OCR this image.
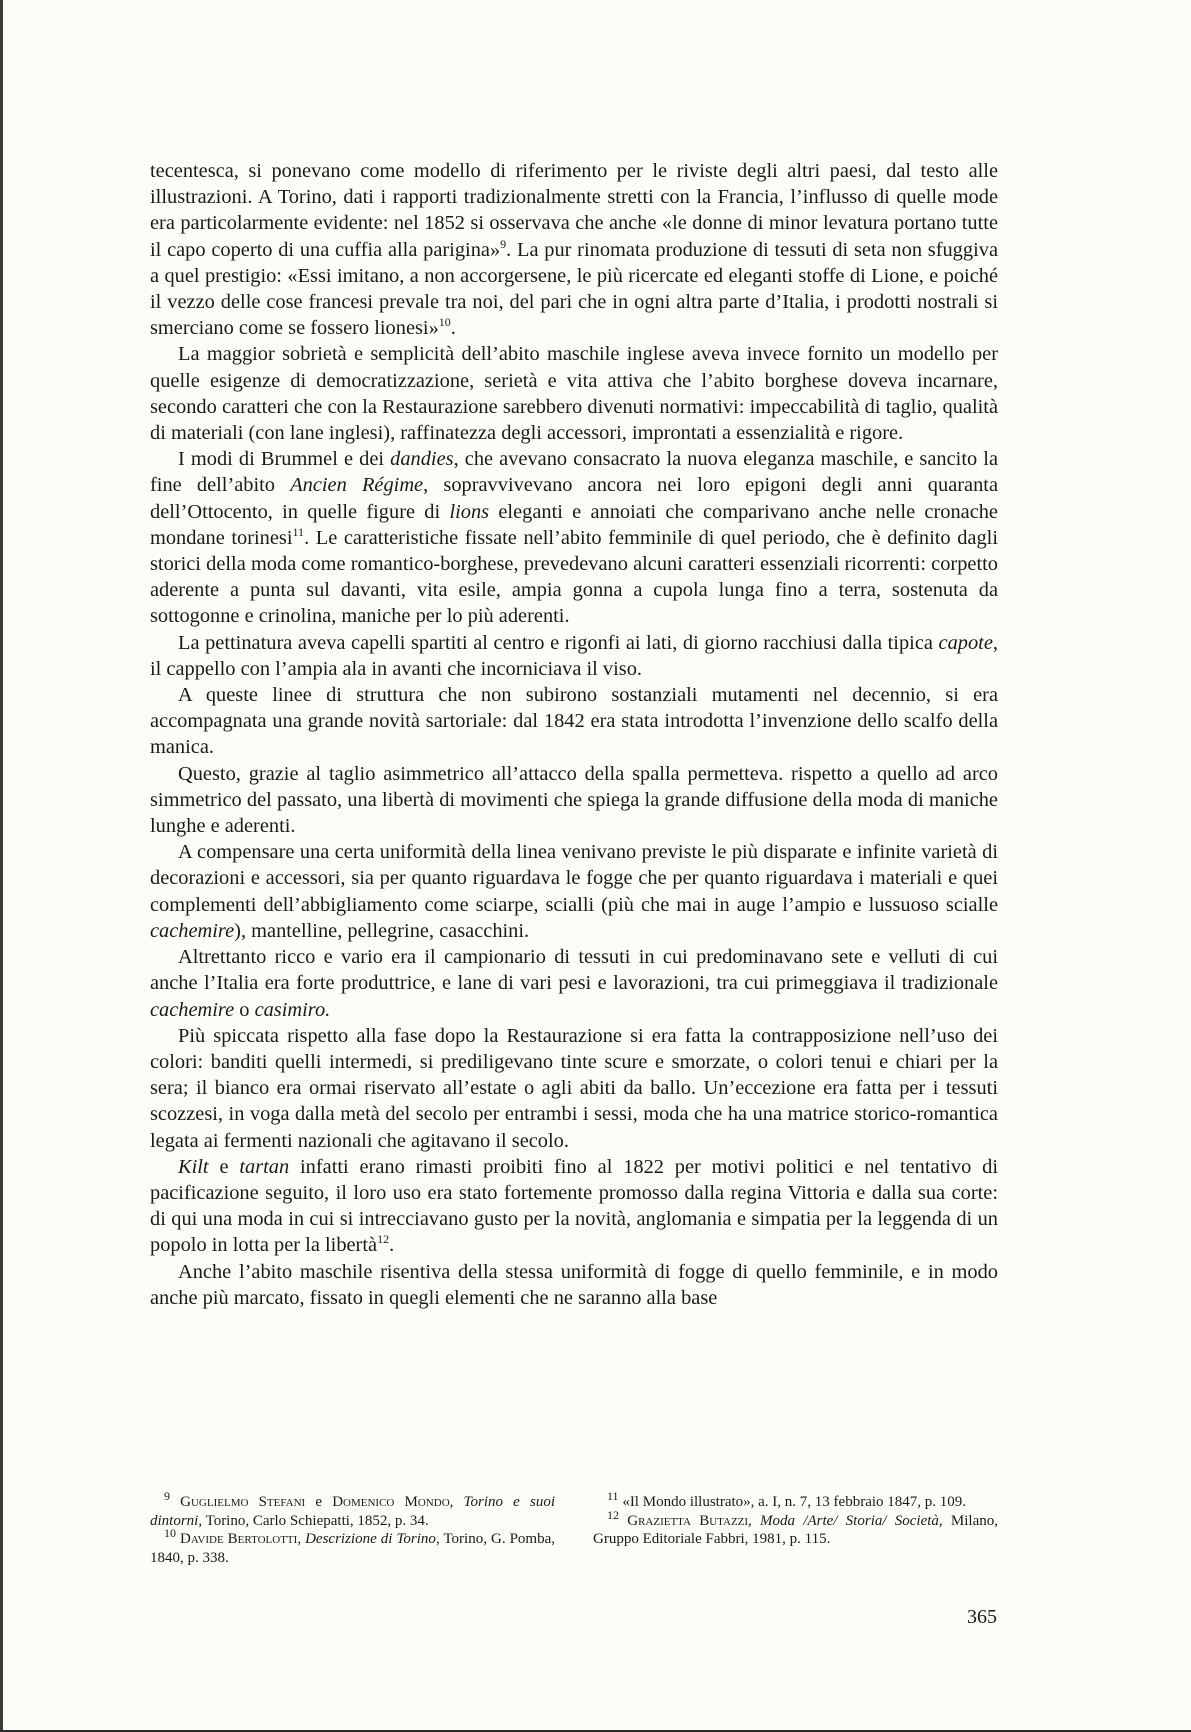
tecentesca, si ponevano come modello di riferimento per le riviste degli altri paesi, dal testo alle illustrazioni. A Torino, dati i rapporti tradizionalmente stretti con la Francia, l’influsso di quelle mode era particolarmente evidente: nel 1852 si osservava che anche «le donne di minor levatura portano tutte il capo coperto di una cuffia alla parigina»$^9$. La pur rinomata produzione di tessuti di seta non sfuggiva a quel prestigio: «Essi imitano, a non accorgersene, le più ricercate ed eleganti stoffe di Lione, e poiché il vezzo delle cose francesi prevale tra noi, del pari che in ogni altra parte d’Italia, i prodotti nostrali si smerciano come se fossero lionesi»$^{10}$.

La maggior sobrietà e semplicità dell’abito maschile inglese aveva invece fornito un modello per quelle esigenze di democratizzazione, serietà e vita attiva che l’abito borghese doveva incarnare, secondo caratteri che con la Restaurazione sarebbero divenuti normativi: impeccabilità di taglio, qualità di materiali (con lane inglesi), raffinatezza degli accessori, improntati a essenzialità e rigore.

I modi di Brummel e dei dandies, che avevano consacrato la nuova eleganza maschile, e sancito la fine dell’abito Ancien Régime, sopravvivevano ancora nei loro epigoni degli anni quaranta dell’Ottocento, in quelle figure di lions eleganti e annoiati che comparivano anche nelle cronache mondane torinesi$^{11}$. Le caratteristiche fissate nell’abito femminile di quel periodo, che è definito dagli storici della moda come romantico-borghese, prevedevano alcuni caratteri essenziali ricorrenti: corpetto aderente a punta sul davanti, vita esile, ampia gonna a cupola lunga fino a terra, sostenuta da sottogonne e crinolina, maniche per lo più aderenti.

La pettinatura aveva capelli spartiti al centro e rigonfi ai lati, di giorno racchiusi dalla tipica capote, il cappello con l’ampia ala in avanti che incorniciava il viso.

A queste linee di struttura che non subirono sostanziali mutamenti nel decennio, si era accompagnata una grande novità sartoriale: dal 1842 era stata introdotta l’invenzione dello scalfo della manica.

Questo, grazie al taglio asimmetrico all’attacco della spalla permetteva. rispetto a quello ad arco simmetrico del passato, una libertà di movimenti che spiega la grande diffusione della moda di maniche lunghe e aderenti.

A compensare una certa uniformità della linea venivano previste le più disparate e infinite varietà di decorazioni e accessori, sia per quanto riguardava le fogge che per quanto riguardava i materiali e quei complementi dell’abbigliamento come sciarpe, scialli (più che mai in auge l’ampio e lussuoso scialle cachemire), mantelline, pellegrine, casacchini.

Altrettanto ricco e vario era il campionario di tessuti in cui predominavano sete e velluti di cui anche l’Italia era forte produttrice, e lane di vari pesi e lavorazioni, tra cui primeggiava il tradizionale cachemire o casimiro.

Più spiccata rispetto alla fase dopo la Restaurazione si era fatta la contrapposizione nell’uso dei colori: banditi quelli intermedi, si prediligevano tinte scure e smorzate, o colori tenui e chiari per la sera; il bianco era ormai riservato all’estate o agli abiti da ballo. Un’eccezione era fatta per i tessuti scozzesi, in voga dalla metà del secolo per entrambi i sessi, moda che ha una matrice storico-romantica legata ai fermenti nazionali che agitavano il secolo.

Kilt e tartan infatti erano rimasti proibiti fino al 1822 per motivi politici e nel tentativo di pacificazione seguito, il loro uso era stato fortemente promosso dalla regina Vittoria e dalla sua corte: di qui una moda in cui si intrecciavano gusto per la novità, anglomania e simpatia per la leggenda di un popolo in lotta per la libertà$^{12}$.

Anche l’abito maschile risentiva della stessa uniformità di fogge di quello femminile, e in modo anche più marcato, fissato in quegli elementi che ne saranno alla base

$^9$ Guglielmo Stefani e Domenico Mondo, Torino e suoi dintorni, Torino, Carlo Schiepatti, 1852, p. 34.

$^{10}$ Davide Bertolotti, Descrizione di Torino, Torino, G. Pomba, 1840, p. 338.

$^{11}$ «Il Mondo illustrato», a. I, n. 7, 13 febbraio 1847, p. 109.

$^{12}$ Grazietta Butazzi, Moda /Arte/ Storia/ Società, Milano, Gruppo Editoriale Fabbri, 1981, p. 115.

365
